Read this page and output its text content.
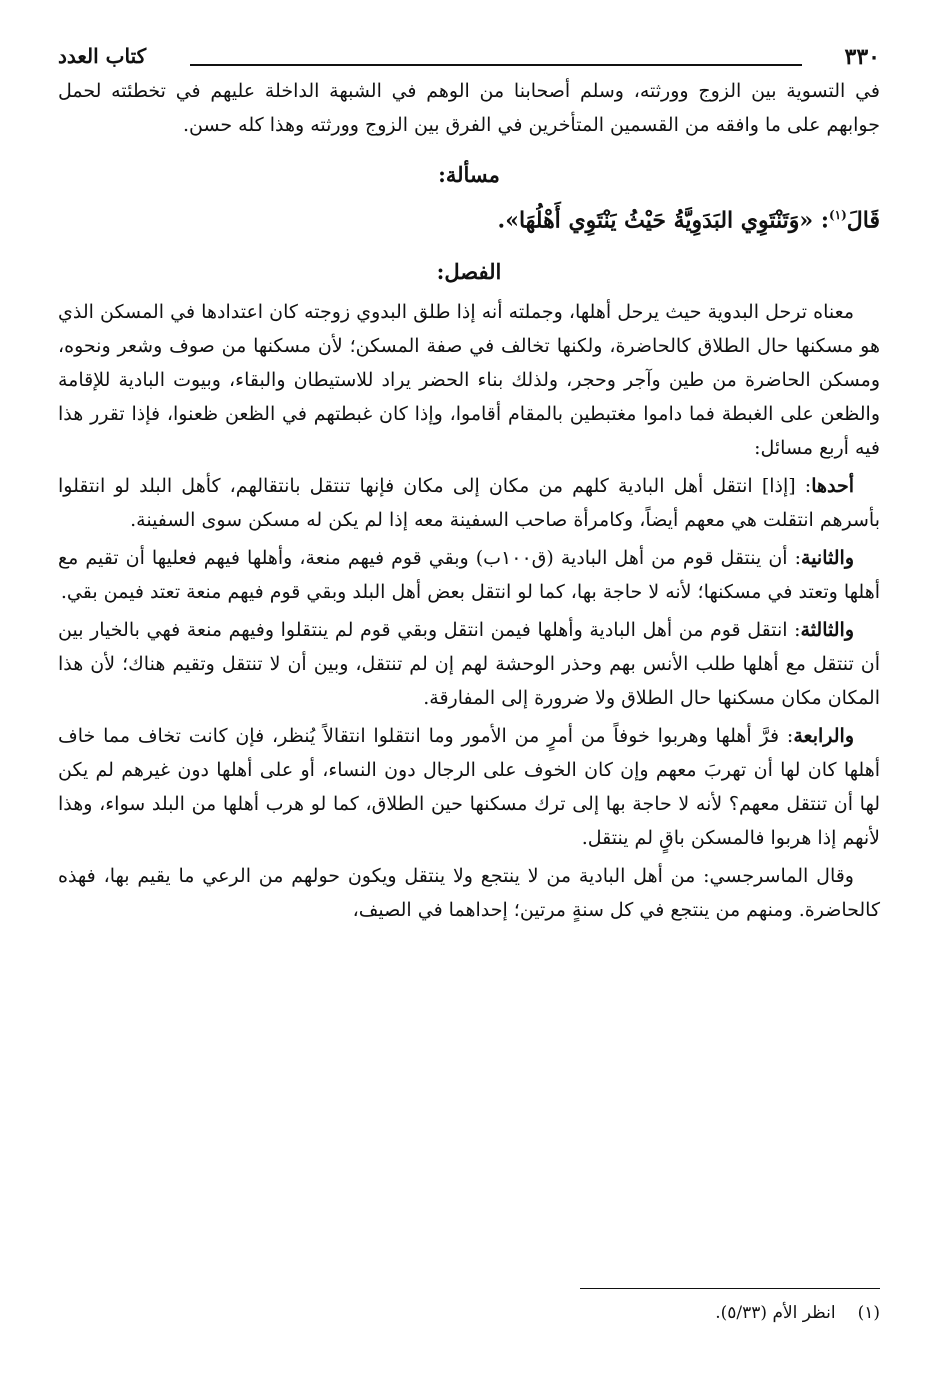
٣٣٠
كتاب العدد

في التسوية بين الزوج وورثته، وسلم أصحابنا من الوهم في الشبهة الداخلة عليهم في تخطئته لحمل جوابهم على ما وافقه من القسمين المتأخرين في الفرق بين الزوج وورثته وهذا كله حسن.

مسألة:
قَالَ$^{(١)}$: «وَتَنْتَوِي البَدَوِيَّةُ حَيْثُ يَنْتَوِي أَهْلُهَا».
الفصل:

معناه ترحل البدوية حيث يرحل أهلها، وجملته أنه إذا طلق البدوي زوجته كان اعتدادها في المسكن الذي هو مسكنها حال الطلاق كالحاضرة، ولكنها تخالف في صفة المسكن؛ لأن مسكنها من صوف وشعر ونحوه، ومسكن الحاضرة من طين وآجر وحجر، ولذلك بناء الحضر يراد للاستيطان والبقاء، وبيوت البادية للإقامة والظعن على الغبطة فما داموا مغتبطين بالمقام أقاموا، وإذا كان غبطتهم في الظعن ظعنوا، فإذا تقرر هذا فيه أربع مسائل:

أحدها: [إذا] انتقل أهل البادية كلهم من مكان إلى مكان فإنها تنتقل بانتقالهم، كأهل البلد لو انتقلوا بأسرهم انتقلت هي معهم أيضاً، وكامرأة صاحب السفينة معه إذا لم يكن له مسكن سوى السفينة.

والثانية: أن ينتقل قوم من أهل البادية (ق١٠٠ب) وبقي قوم فيهم منعة، وأهلها فيهم فعليها أن تقيم مع أهلها وتعتد في مسكنها؛ لأنه لا حاجة بها، كما لو انتقل بعض أهل البلد وبقي قوم فيهم منعة تعتد فيمن بقي.

والثالثة: انتقل قوم من أهل البادية وأهلها فيمن انتقل وبقي قوم لم ينتقلوا وفيهم منعة فهي بالخيار بين أن تنتقل مع أهلها طلب الأنس بهم وحذر الوحشة لهم إن لم تنتقل، وبين أن لا تنتقل وتقيم هناك؛ لأن هذا المكان مكان مسكنها حال الطلاق ولا ضرورة إلى المفارقة.

والرابعة: فرَّ أهلها وهربوا خوفاً من أمرٍ من الأمور وما انتقلوا انتقالاً يُنظر، فإن كانت تخاف مما خاف أهلها كان لها أن تهربَ معهم وإن كان الخوف على الرجال دون النساء، أو على أهلها دون غيرهم لم يكن لها أن تنتقل معهم؟ لأنه لا حاجة بها إلى ترك مسكنها حين الطلاق، كما لو هرب أهلها من البلد سواء، وهذا لأنهم إذا هربوا فالمسكن باقٍ لم ينتقل.

وقال الماسرجسي: من أهل البادية من لا ينتجع ولا ينتقل ويكون حولهم من الرعي ما يقيم بها، فهذه كالحاضرة. ومنهم من ينتجع في كل سنةٍ مرتين؛ إحداهما في الصيف،

(١)انظر الأم (٥/٣٣).
